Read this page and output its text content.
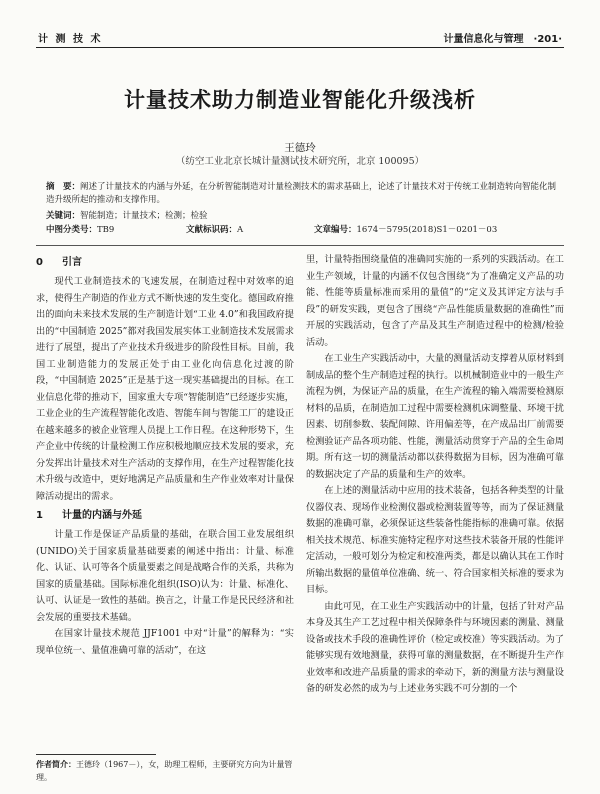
计 测 技 术	计量信息化与管理　·201·
计量技术助力制造业智能化升级浅析
王德玲
（纺空工业北京长城计量测试技术研究所，北京 100095）
摘　要：阐述了计量技术的内涵与外延，在分析智能制造对计量检测技术的需求基础上，论述了计量技术对于传统工业制造转向智能化制造升级所起的推动和支撑作用。
关键词：智能制造；计量技术；检测；检验
中图分类号：TB9	文献标识码：A	文章编号：1674－5795(2018)S1－0201－03
0 引言

现代工业制造技术的飞速发展，在制造过程中对效率的追求，使得生产制造的作业方式不断快速的发生变化。德国政府推出的面向未来技术发展的生产制造计划“工业 4.0”和我国政府提出的“中国制造 2025”都对我国发展实体工业制造技术发展需求进行了展望，提出了产业技术升级进步的阶段性目标。目前，我国工业制造能力的发展正处于由工业化向信息化过渡的阶段，“中国制造 2025”正是基于这一现实基础提出的目标。在工业信息化带的推动下，国家重大专项“智能制造”已经逐步实施，工业企业的生产流程智能化改造、智能车间与智能工厂的建设正在越来越多的被企业管理人员提上工作日程。在这种形势下，生产企业中传统的计量检测工作应积极地顺应技术发展的要求，充分发挥出计量技术对生产活动的支撑作用，在生产过程智能化技术升级与改造中，更好地满足产品质量和生产作业效率对计量保障活动提出的需求。

1 计量的内涵与外延

计量工作是保证产品质量的基础，在联合国工业发展组织(UNIDO)关于国家质量基础要素的阐述中指出：计量、标准化、认证、认可等各个质量要素之间是战略合作的关系，共称为国家的质量基础。国际标准化组织(ISO)认为：计量、标准化、认可、认证是一致性的基础。换言之，计量工作是民民经济和社会发展的重要技术基础。

在国家计量技术规范 JJF1001 中对“计量”的解释为：“实现单位统一、量值准确可靠的活动”，在这

里，计量特指围绕量值的准确同实施的一系列的实践活动。在工业生产领域，计量的内涵不仅包含围绕“为了准确定义产品的功能、性能等质量标准而采用的量值”的“定义及其评定方法与手段”的研发实践，更包含了围绕“产品性能质量数据的准确性”而开展的实践活动，包含了产品及其生产制造过程中的检测/检验活动。

在工业生产实践活动中，大量的测量活动支撑着从原材料到制成品的整个生产制造过程的执行。以机械制造业中的一般生产流程为例，为保证产品的质量，在生产流程的输入端需要检测原材料的品质，在制造加工过程中需要检测机床调整量、环境干扰因素、切削参数、装配间隙、许用偏差等，在产成品出厂前需要检测验证产品各项功能、性能，测量活动贯穿于产品的全生命周期。所有这一切的测量活动都以获得数据为目标，因为准确可靠的数据决定了产品的质量和生产的效率。

在上述的测量活动中应用的技术装备，包括各种类型的计量仪器仪表、现场作业检测仪器或检测装置等等，而为了保证测量数据的准确可靠，必须保证这些装备性能指标的准确可靠。依据相关技术规范、标准实施特定程序对这些技术装备开展的性能评定活动，一般可划分为检定和校准两类，都是以确认其在工作时所输出数据的量值单位准确、统一、符合国家相关标准的要求为目标。

由此可见，在工业生产实践活动中的计量，包括了针对产品本身及其生产工艺过程中相关保障条件与环境因素的测量、测量设备或技术手段的准确性评价（检定或校准）等实践活动。为了能够实现有效地测量，获得可靠的测量数据，在不断提升生产作业效率和改进产品质量的需求的牵动下，新的测量方法与测量设备的研发必然的成为与上述业务实践不可分割的一个

作者简介：王德玲（1967－），女，助理工程师，主要研究方向为计量管理。
